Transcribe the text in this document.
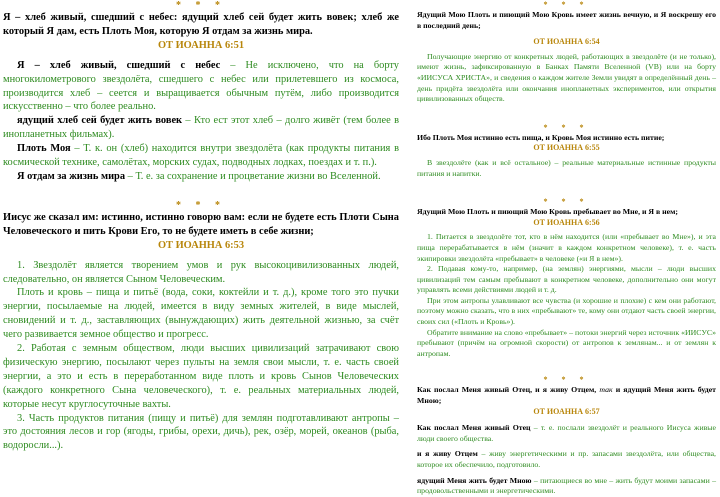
* * *
Я – хлеб живый, сшедший с небес: ядущий хлеб сей будет жить вовек; хлеб же который Я дам, есть Плоть Моя, которую Я отдам за жизнь мира.
ОТ ИОАННА 6:51

Я – хлеб живый, сшедший с небес – Не исключено, что на борту многокилометрового звездолёта, сшедшего с небес или прилетевшего из космоса, производится хлеб – сеется и выращивается обычным путём, либо производится искусственно – что более реально.

ядущий хлеб сей будет жить вовек – Кто ест этот хлеб – долго живёт (тем более в инопланетных фильмах).

Плоть Моя – Т. к. он (хлеб) находится внутри звездолёта (как продукты питания в космической технике, самолётах, морских судах, подводных лодках, поездах и т. п.).

Я отдам за жизнь мира – Т. е. за сохранение и процветание жизни во Вселенной.

* * *
Иисус же сказал им: истинно, истинно говорю вам: если не будете есть Плоти Сына Человеческого и пить Крови Его, то не будете иметь в себе жизни;
ОТ ИОАННА 6:53

1. Звездолёт является творением умов и рук высокоцивилизованных людей, следовательно, он является Сыном Человеческим.

Плоть и кровь – пища и питьё (вода, соки, коктейли и т. д.), кроме того это пучки энергии, посылаемые на людей, имеется в виду земных жителей, в виде мыслей, сновидений и т. д., заставляющих (вынуждающих) жить деятельной жизнью, за счёт чего развивается земное общество и прогресс.

2. Работая с земным обществом, люди высших цивилизаций затрачивают свою физическую энергию, посылают через пульты на земля свои мысли, т. е. часть своей энергии, а это и есть в переработанном виде плоть и кровь Сынов Человеческих (каждого конкретного Сына человеческого), т. е. реальных материальных людей, которые несут круглосуточные вахты.

3. Часть продуктов питания (пищу и питьё) для землян подготавливают антропы – это достояния лесов и гор (ягоды, грибы, орехи, дичь), рек, озёр, морей, океанов (рыба, водоросли...).

* * *
Ядущий Мою Плоть и пиющий Мою Кровь имеет жизнь вечную, и Я воскрешу его в последний день;
ОТ ИОАННА 6:54

Получающие энергию от конкретных людей, работающих в звездолёте (и не только), имеют жизнь, зафиксированную в Банках Памяти Вселенной (VB) или на борту «ИИСУСА ХРИСТА», и сведения о каждом жителе Земли увидят в определённый день – день придёта звездолёта или окончания инопланетных экспериментов, или открытия цивилизованных обществ.

* * *
Ибо Плоть Моя истинно есть пища, и Кровь Моя истинно есть питие;
ОТ ИОАННА 6:55

В звездолёте (как и всё остальное) – реальные материальные истинные продукты питания и напитки.

* * *
Ядущий Мою Плоть и пиющий Мою Кровь пребывает во Мне, и Я в нем;
ОТ ИОАННА 6:56

1. Питается в звездолёте тот, кто в нём находится (или «пребывает во Мне»), и эта пища перерабатывается в нём (значит в каждом конкретном человеке), т. е. часть экипировки звездолёта «пребывает» в человеке («и Я в нем»).

2. Подавая кому-то, например, (на землян) энергиями, мысли – люди высших цивилизаций тем самым пребывают в конкретном человеке, дополнительно они могут управлять всеми действиями людей и т. д.

При этом антропы улавливают все чувства (и хорошие и плохие) с кем они работают, поэтому можно сказать, что в них «пребывают» те, кому они отдают часть своей энергии, своих сил («Плоть и Кровь»).

Обратите внимание на слово «пребывает» – потоки энергий через источник «ИИСУС» пребывают (причём на огромной скорости) от антропов к землянам... и от землян к антропам.

* * *
Как послал Меня живый Отец, и я живу Отцем, так и ядущий Меня жить будет Мною;
ОТ ИОАННА 6:57

Как послал Меня живый Отец – т. е. послали звездолёт и реального Иисуса живые люди своего общества.

и я живу Отцем – живу энергетическими и пр. запасами звездолёта, или общества, которое их обеспечило, подготовило.

ядущий Меня жить будет Мною – питающиеся во мне – жить будут моими запасами – продовольственными и энергетическими.
